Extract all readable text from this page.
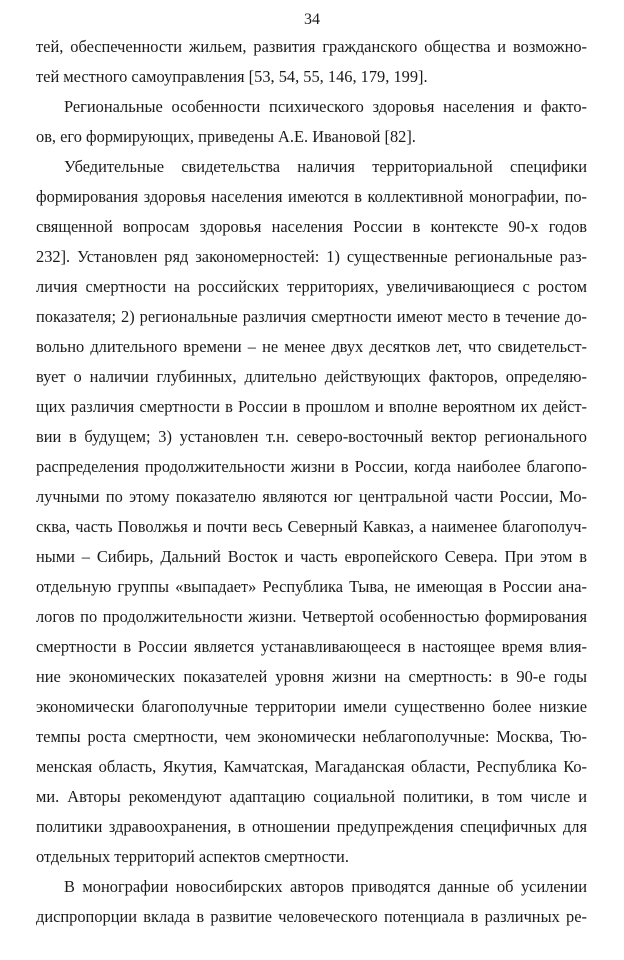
34
тей, обеспеченности жильем, развития гражданского общества и возможно-
тей местного самоуправления [53, 54, 55, 146, 179, 199].
Региональные особенности психического здоровья населения и факто-
ов, его формирующих, приведены А.Е. Ивановой [82].
Убедительные свидетельства наличия территориальной специфики
формирования здоровья населения имеются в коллективной монографии, по-
священной вопросам здоровья населения России в контексте 90-х годов
232]. Установлен ряд закономерностей: 1) существенные региональные раз-
личия смертности на российских территориях, увеличивающиеся с ростом
показателя; 2) региональные различия смертности имеют место в течение до-
вольно длительного времени – не менее двух десятков лет, что свидетельст-
вует о наличии глубинных, длительно действующих факторов, определяю-
щих различия смертности в России в прошлом и вполне вероятном их дейст-
вии в будущем; 3) установлен т.н. северо-восточный вектор регионального
распределения продолжительности жизни в России, когда наиболее благопо-
лучными по этому показателю являются юг центральной части России, Мо-
сква, часть Поволжья и почти весь Северный Кавказ, а наименее благополуч-
ными – Сибирь, Дальний Восток и часть европейского Севера. При этом в
отдельную группы «выпадает» Республика Тыва, не имеющая в России ана-
логов по продолжительности жизни. Четвертой особенностью формирования
смертности в России является устанавливающееся в настоящее время влия-
ние экономических показателей уровня жизни на смертность: в 90-е годы
экономически благополучные территории имели существенно более низкие
темпы роста смертности, чем экономически неблагополучные: Москва, Тю-
менская область, Якутия, Камчатская, Магаданская области, Республика Ко-
ми. Авторы рекомендуют адаптацию социальной политики, в том числе и
политики здравоохранения, в отношении предупреждения специфичных для
отдельных территорий аспектов смертности.
В монографии новосибирских авторов приводятся данные об усилении
диспропорции вклада в развитие человеческого потенциала в различных ре-
